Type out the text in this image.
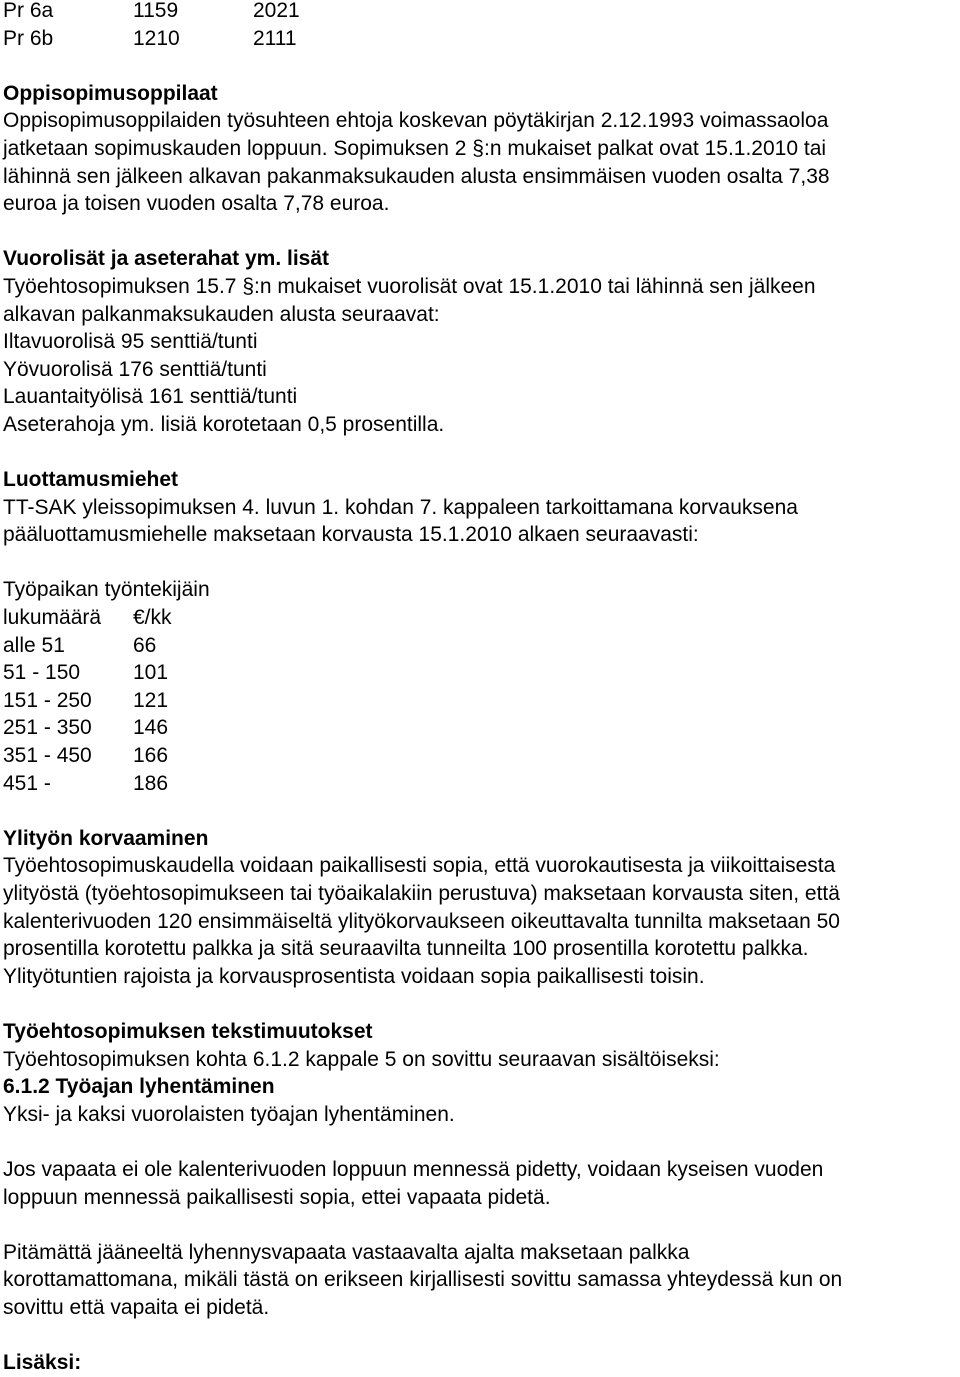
Pr 6a	1159	2021
Pr 6b	1210	2111
Oppisopimusoppilaat
Oppisopimusoppilaiden työsuhteen ehtoja koskevan pöytäkirjan 2.12.1993 voimassaoloa
jatketaan sopimuskauden loppuun. Sopimuksen 2 §:n mukaiset palkat ovat 15.1.2010 tai
lähinnä sen jälkeen alkavan pakanmaksukauden alusta ensimmäisen vuoden osalta 7,38
euroa ja toisen vuoden osalta 7,78 euroa.
Vuorolisät ja aseterahat ym. lisät
Työehtosopimuksen 15.7 §:n mukaiset vuorolisät ovat 15.1.2010 tai lähinnä sen jälkeen
alkavan palkanmaksukauden alusta seuraavat:
Iltavuorolisä 95 senttiä/tunti
Yövuorolisä 176 senttiä/tunti
Lauantaityölisä 161 senttiä/tunti
Aseterahoja ym. lisiä korotetaan 0,5 prosentilla.
Luottamusmiehet
TT-SAK yleissopimuksen 4. luvun 1. kohdan 7. kappaleen tarkoittamana korvauksena
pääluottamusmiehelle maksetaan korvausta 15.1.2010 alkaen seuraavasti:
Työpaikan työntekijäin
lukumäärä €/kk
alle 51	66
51 - 150	101
151 - 250 121
251 - 350 146
351 - 450 166
451 -	186
Ylityön korvaaminen
Työehtosopimuskaudella voidaan paikallisesti sopia, että vuorokautisesta ja viikoittaisesta
ylityöstä (työehtosopimukseen tai työaikalakiin perustuva) maksetaan korvausta siten, että
kalenterivuoden 120 ensimmäiseltä ylityökorvaukseen oikeuttavalta tunnilta maksetaan 50
prosentilla korotettu palkka ja sitä seuraavilta tunneilta 100 prosentilla korotettu palkka.
Ylityötuntien rajoista ja korvausprosentista voidaan sopia paikallisesti toisin.
Työehtosopimuksen tekstimuutokset
Työehtosopimuksen kohta 6.1.2 kappale 5 on sovittu seuraavan sisältöiseksi:
6.1.2 Työajan lyhentäminen
Yksi- ja kaksi vuorolaisten työajan lyhentäminen.
Jos vapaata ei ole kalenterivuoden loppuun mennessä pidetty, voidaan kyseisen vuoden
loppuun mennessä paikallisesti sopia, ettei vapaata pidetä.
Pitämättä jääneeltä lyhennysvapaata vastaavalta ajalta maksetaan palkka
korottamattomana, mikäli tästä on erikseen kirjallisesti sovittu samassa yhteydessä kun on
sovittu että vapaita ei pidetä.
Lisäksi:
